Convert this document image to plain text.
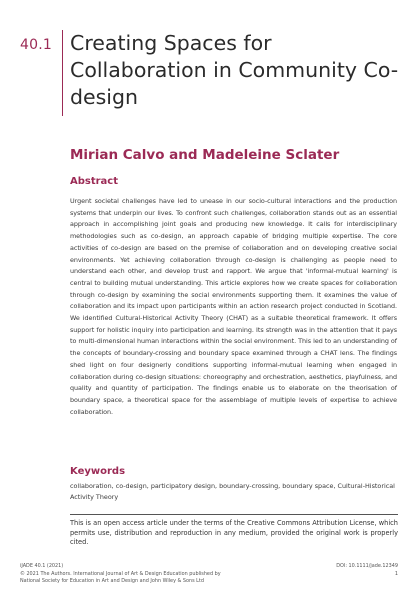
40.1 Creating Spaces for Collaboration in Community Co-design
Mirian Calvo and Madeleine Sclater
Abstract

Urgent societal challenges have led to unease in our socio-cultural interactions and the production systems that underpin our lives. To confront such challenges, collaboration stands out as an essential approach in accomplishing joint goals and producing new knowledge. It calls for interdisciplinary methodologies such as co-design, an approach capable of bridging multiple expertise. The core activities of co-design are based on the premise of collaboration and on developing creative social environments. Yet achieving collaboration through co-design is challenging as people need to understand each other, and develop trust and rapport. We argue that 'informal-mutual learning' is central to building mutual understanding. This article explores how we create spaces for collaboration through co-design by examining the social environments supporting them. It examines the value of collaboration and its impact upon participants within an action research project conducted in Scotland. We identified Cultural-Historical Activity Theory (CHAT) as a suitable theoretical framework. It offers support for holistic inquiry into participation and learning. Its strength was in the attention that it pays to multi-dimensional human interactions within the social environment. This led to an understanding of the concepts of boundary-crossing and boundary space examined through a CHAT lens. The findings shed light on four designerly conditions supporting informal-mutual learning when engaged in collaboration during co-design situations: choreography and orchestration, aesthetics, playfulness, and quality and quantity of participation. The findings enable us to elaborate on the theorisation of boundary space, a theoretical space for the assemblage of multiple levels of expertise to achieve collaboration.

Keywords

collaboration, co-design, participatory design, boundary-crossing, boundary space, Cultural-Historical Activity Theory

This is an open access article under the terms of the Creative Commons Attribution License, which permits use, distribution and reproduction in any medium, provided the original work is properly cited.

iJADE 40.1 (2021)
© 2021 The Authors. International Journal of Art & Design Education published by
National Society for Education in Art and Design and John Wiley & Sons Ltd
DOI: 10.1111/jade.12349
1
